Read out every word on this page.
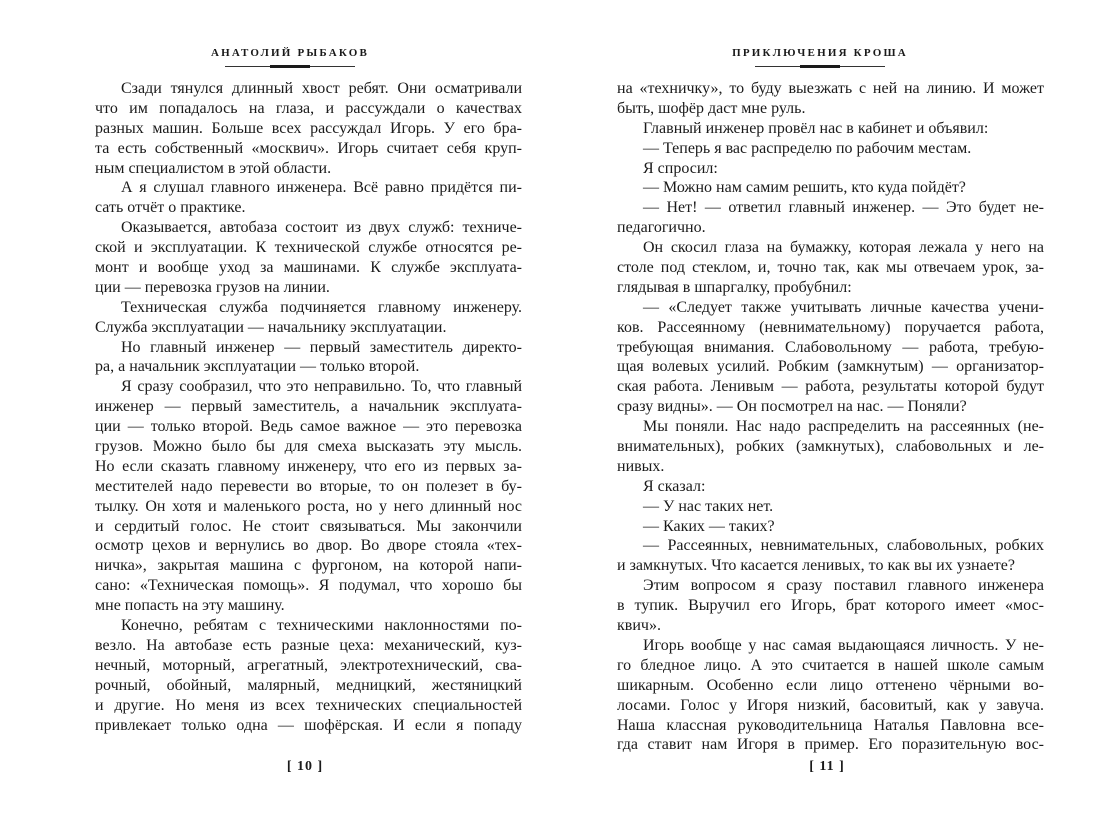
АНАТОЛИЙ РЫБАКОВ
Сзади тянулся длинный хвост ребят. Они осматривали
что им попадалось на глаза, и рассуждали о качествах
разных машин. Больше всех рассуждал Игорь. У его бра-
та есть собственный «москвич». Игорь считает себя круп-
ным специалистом в этой области.
А я слушал главного инженера. Всё равно придётся пи-
сать отчёт о практике.
Оказывается, автобаза состоит из двух служб: техниче-
ской и эксплуатации. К технической службе относятся ре-
монт и вообще уход за машинами. К службе эксплуата-
ции — перевозка грузов на линии.
Техническая служба подчиняется главному инженеру.
Служба эксплуатации — начальнику эксплуатации.
Но главный инженер — первый заместитель директо-
ра, а начальник эксплуатации — только второй.
Я сразу сообразил, что это неправильно. То, что главный
инженер — первый заместитель, а начальник эксплуата-
ции — только второй. Ведь самое важное — это перевозка
грузов. Можно было бы для смеха высказать эту мысль.
Но если сказать главному инженеру, что его из первых за-
местителей надо перевести во вторые, то он полезет в бу-
тылку. Он хотя и маленького роста, но у него длинный нос
и сердитый голос. Не стоит связываться. Мы закончили
осмотр цехов и вернулись во двор. Во дворе стояла «тех-
ничка», закрытая машина с фургоном, на которой напи-
сано: «Техническая помощь». Я подумал, что хорошо бы
мне попасть на эту машину.
Конечно, ребятам с техническими наклонностями по-
везло. На автобазе есть разные цеха: механический, куз-
нечный, моторный, агрегатный, электротехнический, сва-
рочный, обойный, малярный, медницкий, жестяницкий
и другие. Но меня из всех технических специальностей
привлекает только одна — шофёрская. И если я попаду
[ 10 ]
ПРИКЛЮЧЕНИЯ КРОША
на «техничку», то буду выезжать с ней на линию. И может
быть, шофёр даст мне руль.
Главный инженер провёл нас в кабинет и объявил:
— Теперь я вас распределю по рабочим местам.
Я спросил:
— Можно нам самим решить, кто куда пойдёт?
— Нет! — ответил главный инженер. — Это будет не-
педагогично.
Он скосил глаза на бумажку, которая лежала у него на
столе под стеклом, и, точно так, как мы отвечаем урок, за-
глядывая в шпаргалку, пробубнил:
— «Следует также учитывать личные качества учени-
ков. Рассеянному (невнимательному) поручается работа,
требующая внимания. Слабовольному — работа, требую-
щая волевых усилий. Робким (замкнутым) — организатор-
ская работа. Ленивым — работа, результаты которой будут
сразу видны». — Он посмотрел на нас. — Поняли?
Мы поняли. Нас надо распределить на рассеянных (не-
внимательных), робких (замкнутых), слабовольных и ле-
нивых.
Я сказал:
— У нас таких нет.
— Каких — таких?
— Рассеянных, невнимательных, слабовольных, робких
и замкнутых. Что касается ленивых, то как вы их узнаете?
Этим вопросом я сразу поставил главного инженера
в тупик. Выручил его Игорь, брат которого имеет «мос-
квич».
Игорь вообще у нас самая выдающаяся личность. У не-
го бледное лицо. А это считается в нашей школе самым
шикарным. Особенно если лицо оттенено чёрными во-
лосами. Голос у Игоря низкий, басовитый, как у завуча.
Наша классная руководительница Наталья Павловна все-
гда ставит нам Игоря в пример. Его поразительную вос-
[ 11 ]
